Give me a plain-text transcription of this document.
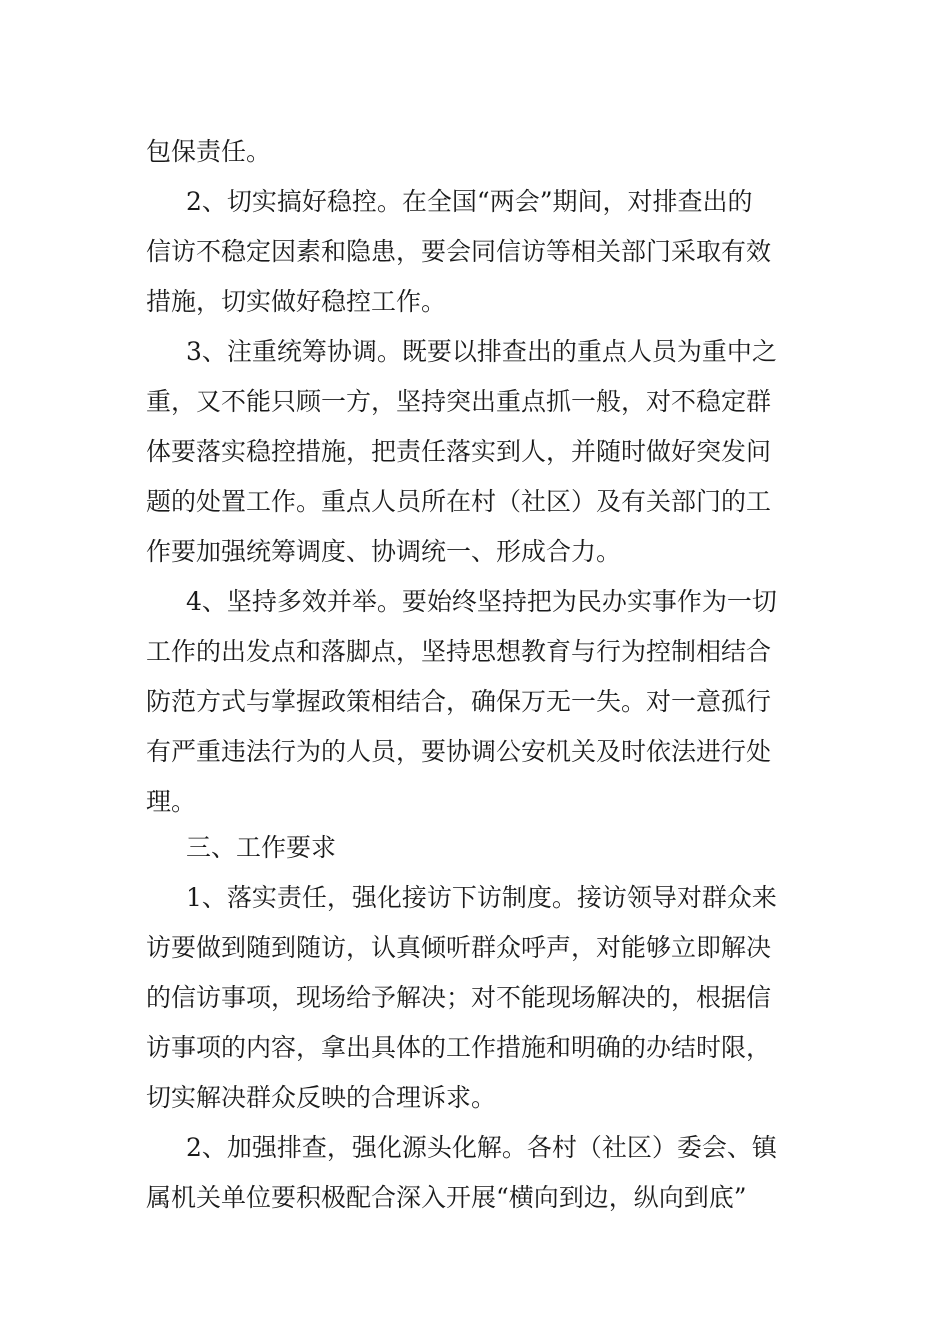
包保责任。
2、切实搞好稳控。在全国“两会”期间，对排查出的
信访不稳定因素和隐患，要会同信访等相关部门采取有效
措施，切实做好稳控工作。
3、注重统筹协调。既要以排查出的重点人员为重中之
重，又不能只顾一方，坚持突出重点抓一般，对不稳定群
体要落实稳控措施，把责任落实到人，并随时做好突发问
题的处置工作。重点人员所在村（社区）及有关部门的工
作要加强统筹调度、协调统一、形成合力。
4、坚持多效并举。要始终坚持把为民办实事作为一切
工作的出发点和落脚点，坚持思想教育与行为控制相结合
防范方式与掌握政策相结合，确保万无一失。对一意孤行
有严重违法行为的人员，要协调公安机关及时依法进行处
理。
三、工作要求
1、落实责任，强化接访下访制度。接访领导对群众来
访要做到随到随访，认真倾听群众呼声，对能够立即解决
的信访事项，现场给予解决；对不能现场解决的，根据信
访事项的内容，拿出具体的工作措施和明确的办结时限，
切实解决群众反映的合理诉求。
2、加强排查，强化源头化解。各村（社区）委会、镇
属机关单位要积极配合深入开展“横向到边，纵向到底”
